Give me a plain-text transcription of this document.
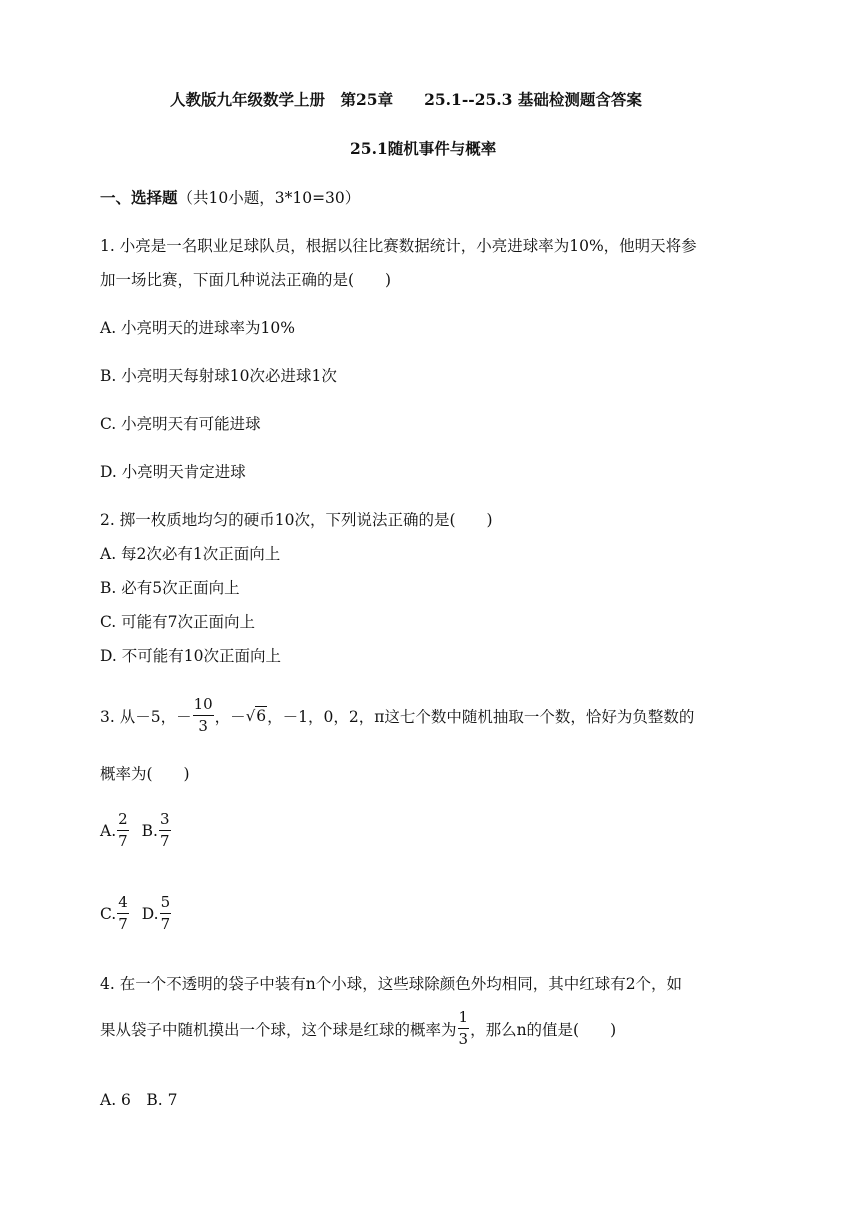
人教版九年级数学上册　第25章　　25.1--25.3 基础检测题含答案
25.1随机事件与概率
一、选择题（共10小题，3*10=30）
1. 小亮是一名职业足球队员，根据以往比赛数据统计，小亮进球率为10%，他明天将参
加一场比赛，下面几种说法正确的是(　　)
A. 小亮明天的进球率为10%
B. 小亮明天每射球10次必进球1次
C. 小亮明天有可能进球
D. 小亮明天肯定进球
2. 掷一枚质地均匀的硬币10次，下列说法正确的是(　　)
A. 每2次必有1次正面向上
B. 必有5次正面向上
C. 可能有7次正面向上
D. 不可能有10次正面向上
3. 从－5，－ $\frac{10}{3}$ ，－ √6 ，－1，0，2，π这七个数中随机抽取一个数，恰好为负整数的
概率为(　　)
A. $\frac{2}{7} B$. $\frac{3}{7}$
C. $\frac{4}{7} D$. $\frac{5}{7}$
4. 在一个不透明的袋子中装有n个小球，这些球除颜色外均相同，其中红球有2个，如
果从袋子中随机摸出一个球，这个球是红球的概率为 $\frac{1}{3}$ ，那么n的值是(　　)
A. 6　B. 7
